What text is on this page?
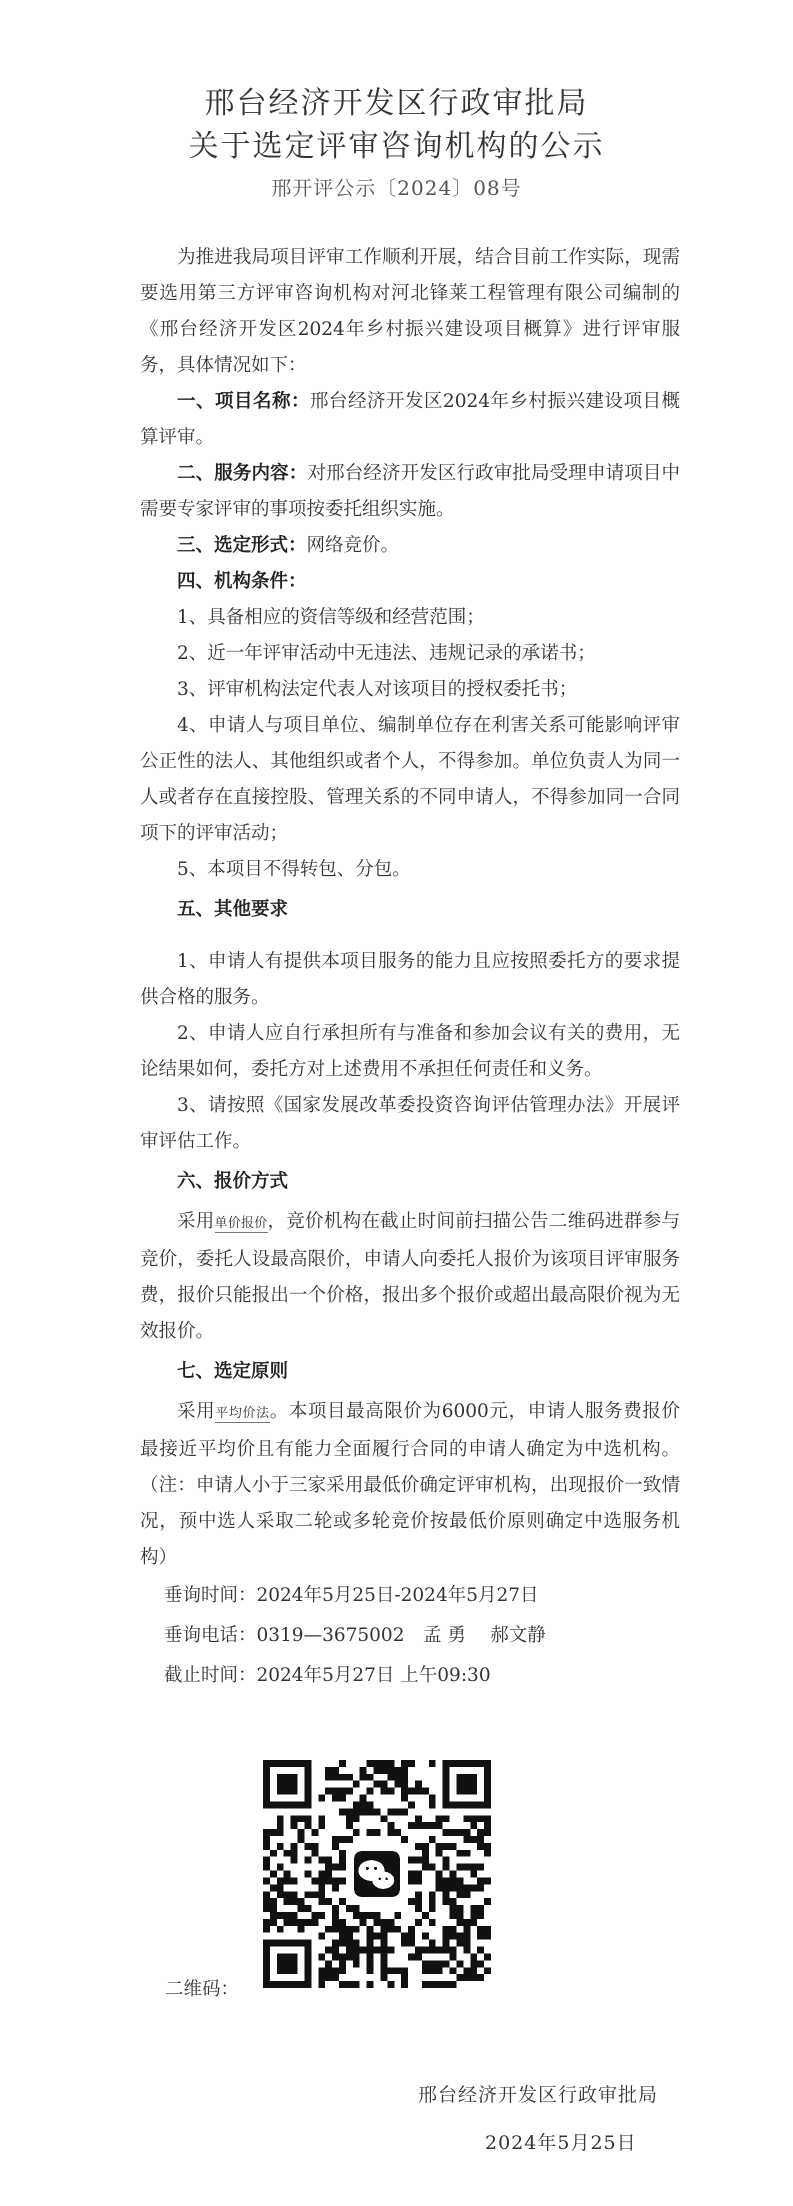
邢台经济开发区行政审批局
关于选定评审咨询机构的公示
邢开评公示〔2024〕08号

为推进我局项目评审工作顺利开展，结合目前工作实际，现需要选用第三方评审咨询机构对河北锋莱工程管理有限公司编制的《邢台经济开发区2024年乡村振兴建设项目概算》进行评审服务，具体情况如下：

一、项目名称：邢台经济开发区2024年乡村振兴建设项目概算评审。

二、服务内容：对邢台经济开发区行政审批局受理申请项目中需要专家评审的事项按委托组织实施。

三、选定形式：网络竞价。

四、机构条件：

1、具备相应的资信等级和经营范围；

2、近一年评审活动中无违法、违规记录的承诺书；

3、评审机构法定代表人对该项目的授权委托书；

4、申请人与项目单位、编制单位存在利害关系可能影响评审公正性的法人、其他组织或者个人，不得参加。单位负责人为同一人或者存在直接控股、管理关系的不同申请人，不得参加同一合同项下的评审活动；

5、本项目不得转包、分包。

五、其他要求

1、申请人有提供本项目服务的能力且应按照委托方的要求提供合格的服务。

2、申请人应自行承担所有与准备和参加会议有关的费用，无论结果如何，委托方对上述费用不承担任何责任和义务。

3、请按照《国家发展改革委投资咨询评估管理办法》开展评审评估工作。

六、报价方式

采用单价报价，竞价机构在截止时间前扫描公告二维码进群参与竞价，委托人设最高限价，申请人向委托人报价为该项目评审服务费，报价只能报出一个价格，报出多个报价或超出最高限价视为无效报价。

七、选定原则

采用平均价法。本项目最高限价为6000元，申请人服务费报价最接近平均价且有能力全面履行合同的申请人确定为中选机构。（注：申请人小于三家采用最低价确定评审机构，出现报价一致情况，预中选人采取二轮或多轮竞价按最低价原则确定中选服务机构）

垂询时间：2024年5月25日-2024年5月27日

垂询电话：0319—3675002　孟 勇　 郝文静

截止时间：2024年5月27日 上午09:30

二维码：
邢台经济开发区行政审批局
2024年5月25日
